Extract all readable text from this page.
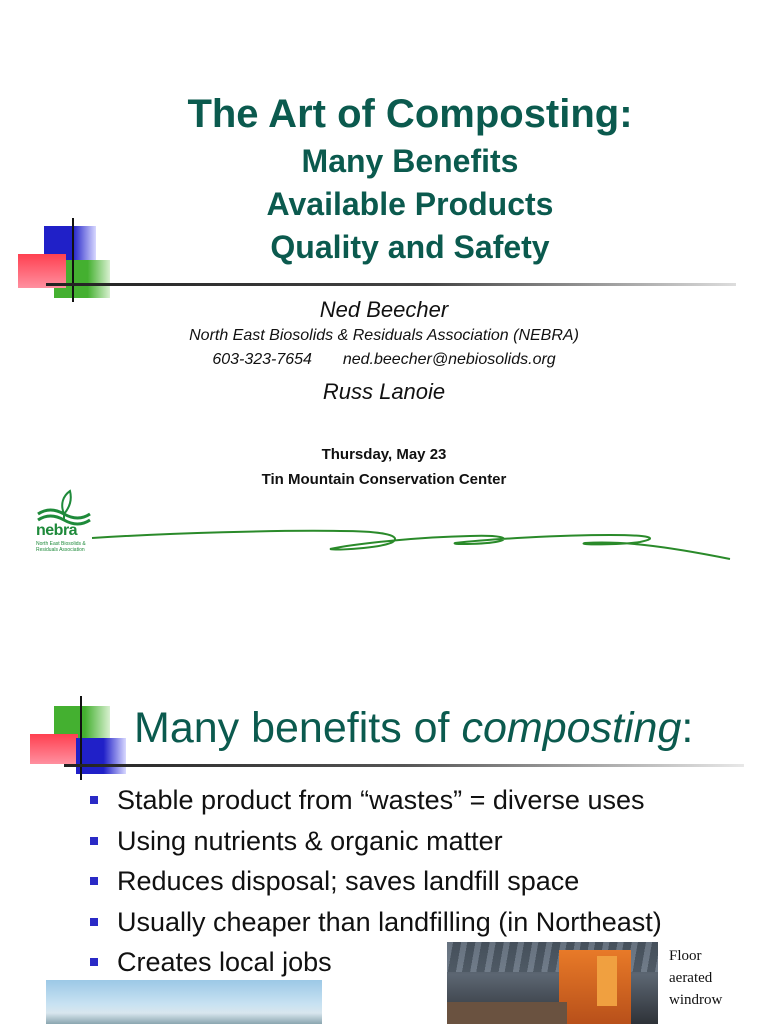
The Art of Composting:
Many Benefits
Available Products
Quality and Safety
Ned Beecher
North East Biosolids & Residuals Association (NEBRA)
603-323-7654 ned.beecher@nebiosolids.org
Russ Lanoie
Thursday, May 23
Tin Mountain Conservation Center
nebra
North East Biosolids & Residuals Association
Many benefits of composting:
Stable product from “wastes” = diverse uses
Using nutrients & organic matter
Reduces disposal; saves landfill space
Usually cheaper than landfilling (in Northeast)
Creates local jobs	Floor
aerated
windrow
